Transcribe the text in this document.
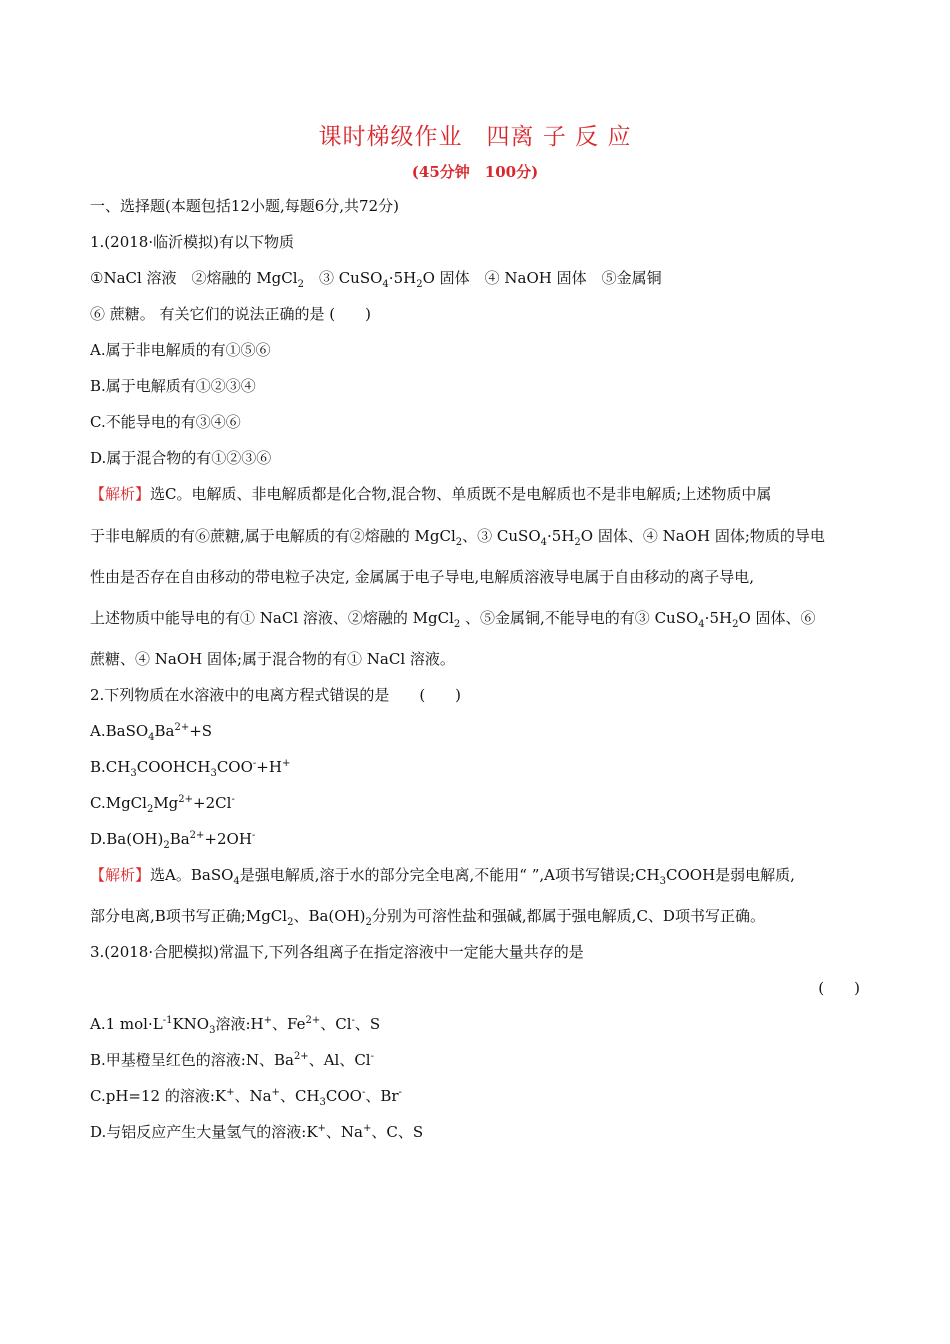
课时梯级作业　四离 子 反 应
(45分钟　100分)
一、选择题(本题包括12小题,每题6分,共72分)
1.(2018·临沂模拟)有以下物质
①NaCl 溶液　②熔融的 MgCl$_2$　③ $CuSO_4\cdot 5H_2O$ 固体　④ NaOH 固体　⑤金属铜
⑥ 蔗糖。 有关它们的说法正确的是 (　　)
A.属于非电解质的有①⑤⑥
B.属于电解质有①②③④
C.不能导电的有③④⑥
D.属于混合物的有①②③⑥
【解析】选C。电解质、非电解质都是化合物,混合物、单质既不是电解质也不是非电解质;上述物质中属
于非电解质的有⑥蔗糖,属于电解质的有②熔融的 MgCl$_2$、③ $CuSO_4\cdot 5H_2O$ 固体、④ NaOH 固体;物质的导电
性由是否存在自由移动的带电粒子决定, 金属属于电子导电,电解质溶液导电属于自由移动的离子导电,
上述物质中能导电的有① NaCl 溶液、②熔融的 MgCl$_2$ 、⑤金属铜,不能导电的有③ $CuSO_4\cdot 5H_2O$ 固体、⑥
蔗糖、④ NaOH 固体;属于混合物的有① NaCl 溶液。
2.下列物质在水溶液中的电离方程式错误的是　　(　　)
$A.BaSO_4Ba^{2+}+S$
$B.CH_3COOHCH_3COO^-+H^+$
$C.MgCl_2Mg^{2+}+2Cl^-$
$D.Ba(OH)_2Ba^{2+}+2OH^-$
【解析】选A。BaSO$_4$是强电解质,溶于水的部分完全电离,不能用“ ”,A项书写错误$;CH_3COOH$是弱电解质,
部分电离,B项书写正确;MgCl$_2$、$Ba(OH)_2$分别为可溶性盐和强碱,都属于强电解质,C、D项书写正确。
3.(2018·合肥模拟)常温下,下列各组离子在指定溶液中一定能大量共存的是
(　　)
A.1 $mol\cdot L^{-1}KNO_3$溶液:H+、$Fe^{2+}$、Cl-、S
B.甲基橙呈红色的溶液:N、$Ba^{2+}$、Al、Cl-
C.pH=12 的溶液:K+、Na+、$CH_3COO^-$、Br-
D.与铝反应产生大量氢气的溶液:K+、Na+、C、S
